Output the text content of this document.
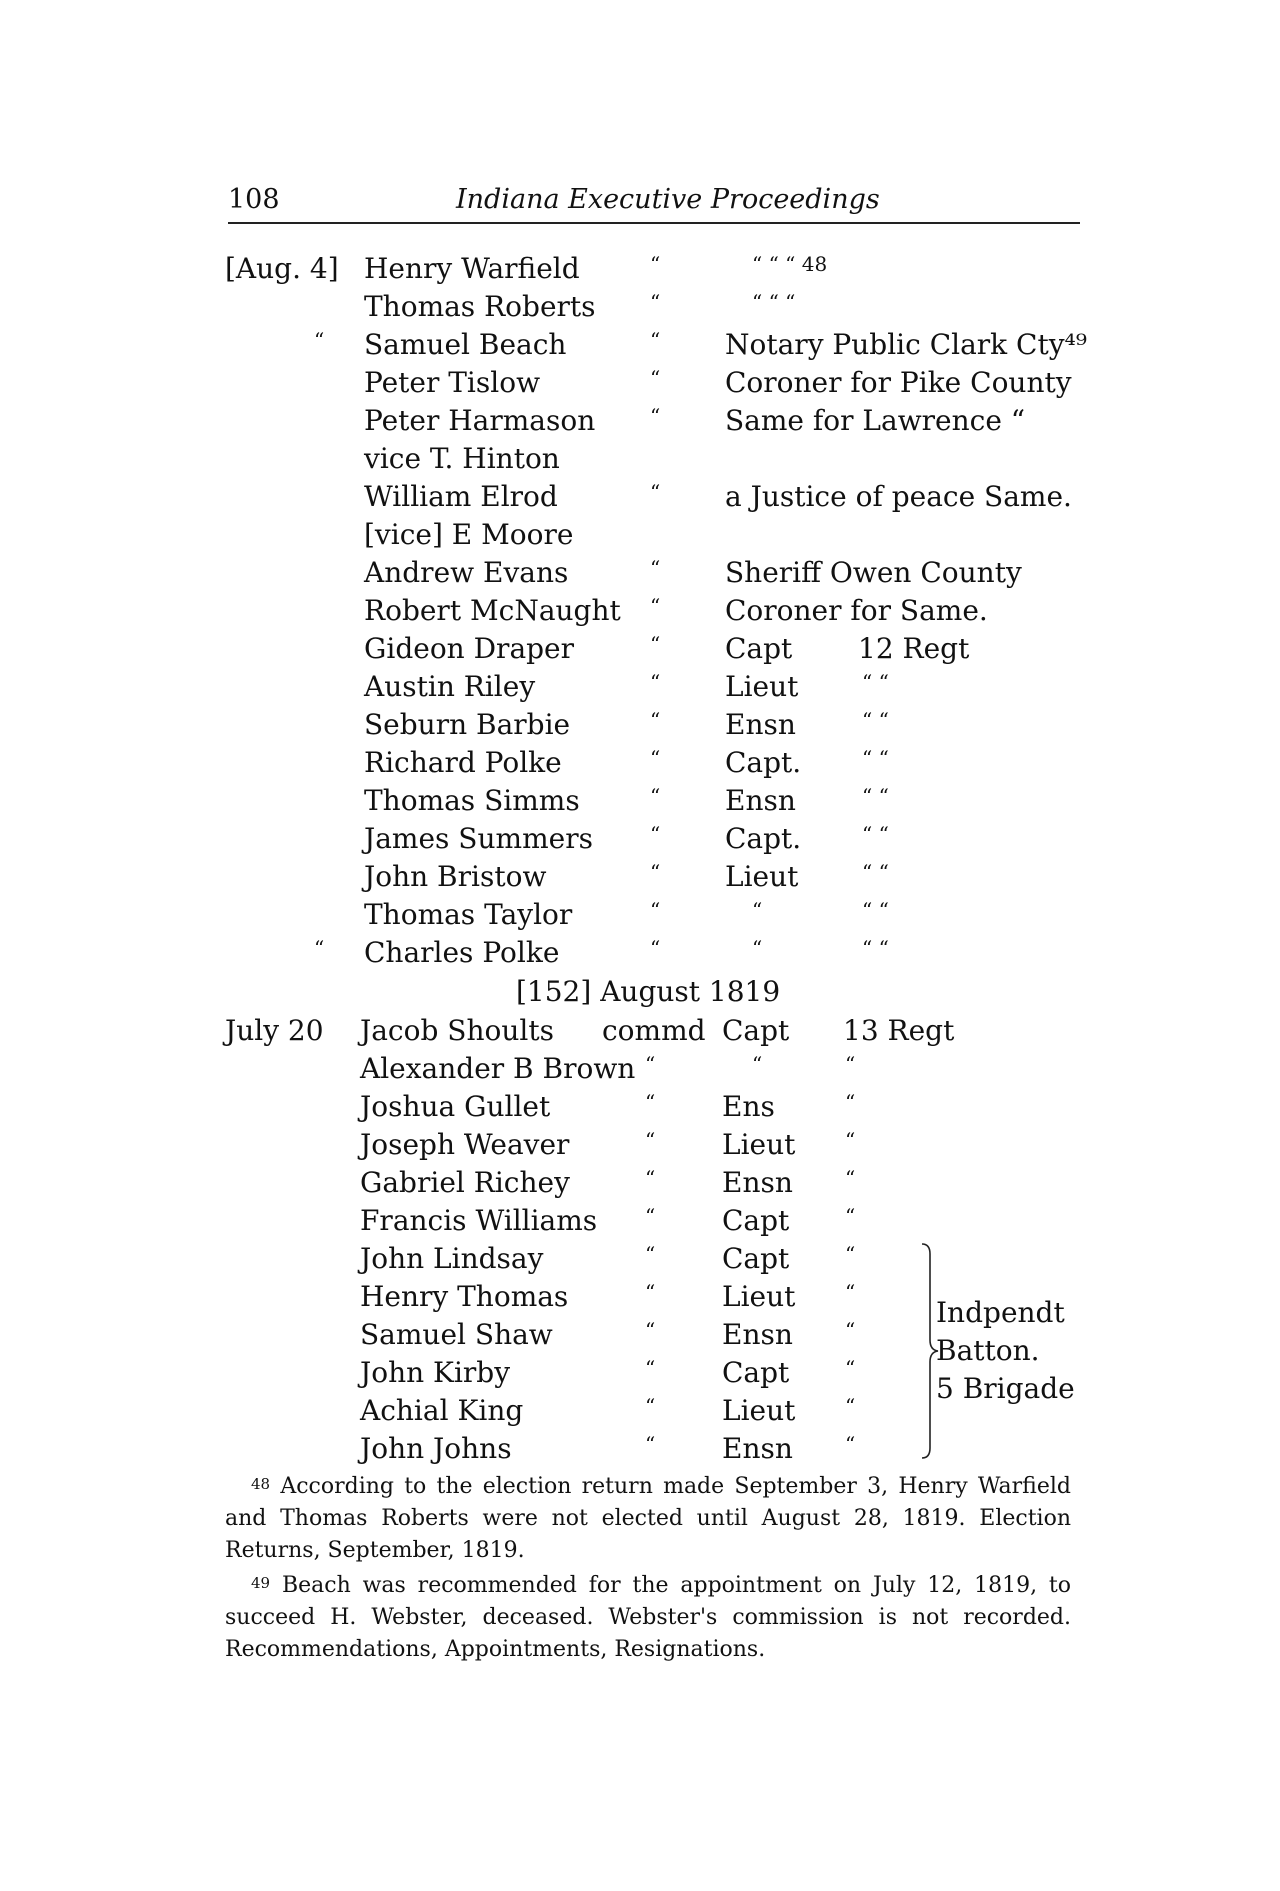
108	Indiana Executive Proceedings
[Aug. 4] Henry Warfield	“	“ “ “ 48
Thomas Roberts	“	“ “ “
“ Samuel Beach	“ Notary Public Clark Cty⁴⁹
Peter Tislow	“ Coroner for Pike County
Peter Harmason	“ Same for Lawrence “
vice T. Hinton
William Elrod	“ a Justice of peace Same.
[vice] E Moore
Andrew Evans	“ Sheriff Owen County
Robert McNaught “ Coroner for Same.
Gideon Draper	“ Capt 12 Regt
Austin Riley	“ Lieut	“ “
Seburn Barbie	“ Ensn	“ “
Richard Polke	“ Capt.	“ “
Thomas Simms	“ Ensn	“ “
James Summers	“ Capt.	“ “
John Bristow	“ Lieut	“ “
Thomas Taylor	“	“	“ “
“ Charles Polke	“	“	“ “
[152] August 1819
July 20 Jacob Shoults commd Capt 13 Regt
Alexander B Brown “	“	“
Joshua Gullet	“ Ens	“
Joseph Weaver	“ Lieut “
Gabriel Richey	“ Ensn	“
Francis Williams “ Capt	“
John Lindsay	“ Capt	“
Henry Thomas	“ Lieut “
Samuel Shaw	“ Ensn	“
John Kirby	“ Capt	“
Achial King	“ Lieut “
John Johns	“ Ensn	“
Indpendt
Batton.
5 Brigade

48 According to the election return made September 3, Henry Warfield and Thomas Roberts were not elected until August 28, 1819. Election Returns, September, 1819.

49 Beach was recommended for the appointment on July 12, 1819, to succeed H. Webster, deceased. Webster's commission is not recorded. Recommendations, Appointments, Resignations.
